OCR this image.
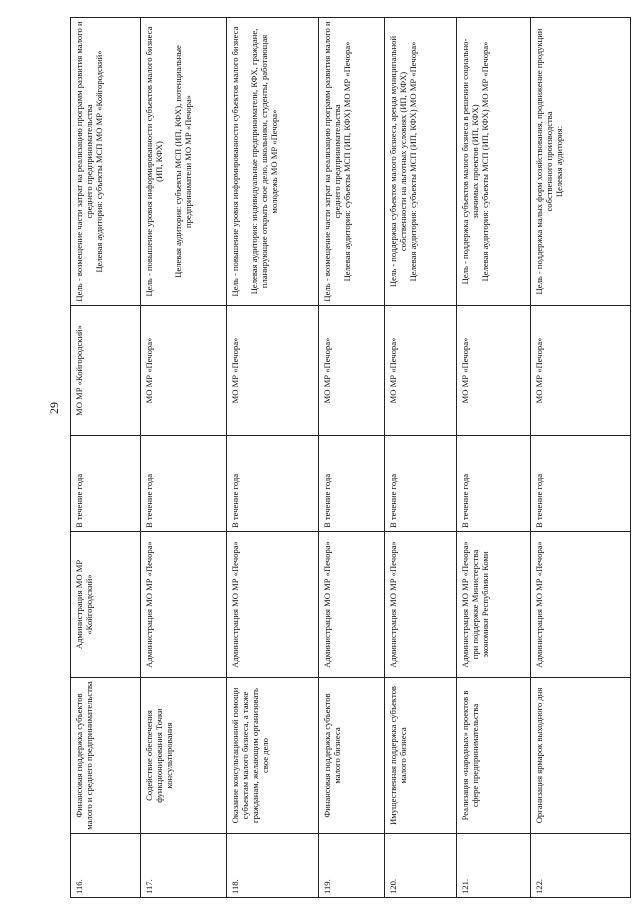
29
116.	Финансовая поддержка субъектов малого и среднего предпринимательства	Администрация МО МР «Койгородский»	В течение года	МО МР «Койгородский»	Цель - возмещение части затрат на реализацию программ развития малого и среднего предпринимательства Целевая аудитория: субъекты МСП МО МР «Койгородский»

117.	Содействие обеспечения функционирования Точки консультирования	Администрация МО МР «Печора»	В течение года	МО МР «Печора»	Цель - повышение уровня информированности субъектов малого бизнеса (ИП, КФХ) Целевая аудитория: субъекты МСП (ИП, КФХ), потенциальные предприниматели МО МР «Печора»

118.	Оказание консультационной помощи субъектам малого бизнеса, а также гражданам, желающим организовать свое дело	Администрация МО МР «Печора»	В течение года	МО МР «Печора»	Цель - повышение уровня информированности субъектов малого бизнеса Целевая аудитория: индивидуальные предприниматели, КФХ, граждане, планирующие открыть свое дело, школьники, студенты, работающая молодежь МО МР «Печора»

119.	Финансовая поддержка субъектов малого бизнеса	Администрация МО МР «Печора»	В течение года	МО МР «Печора»	Цель - возмещение части затрат на реализацию программ развития малого и среднего предпринимательства Целевая аудитория: субъекты МСП (ИП, КФХ) МО МР «Печора»

120.	Имущественная поддержка субъектов малого бизнеса	Администрация МО МР «Печора»	В течение года	МО МР «Печора»	Цель - поддержка субъектов малого бизнеса, аренда муниципальной собственности на льготных условиях (ИП, КФХ) Целевая аудитория: субъекты МСП (ИП, КФХ) МО МР «Печора»

121.	Реализация «народных» проектов в сфере предпринимательства	Администрация МО МР «Печора» при поддержке Министерства экономики Республики Коми	В течение года	МО МР «Печора»	Цель - поддержка субъектов малого бизнеса в решении социально-значимых проектов (ИП, КФХ) Целевая аудитория: субъекты МСП (ИП, КФХ) МО МР «Печора»

122.	Организация ярмарок выходного дня	Администрация МО МР «Печора»	В течение года	МО МР «Печора»	Цель - поддержка малых форм хозяйствования, продвижение продукции собственного производства Целевая аудитория:
